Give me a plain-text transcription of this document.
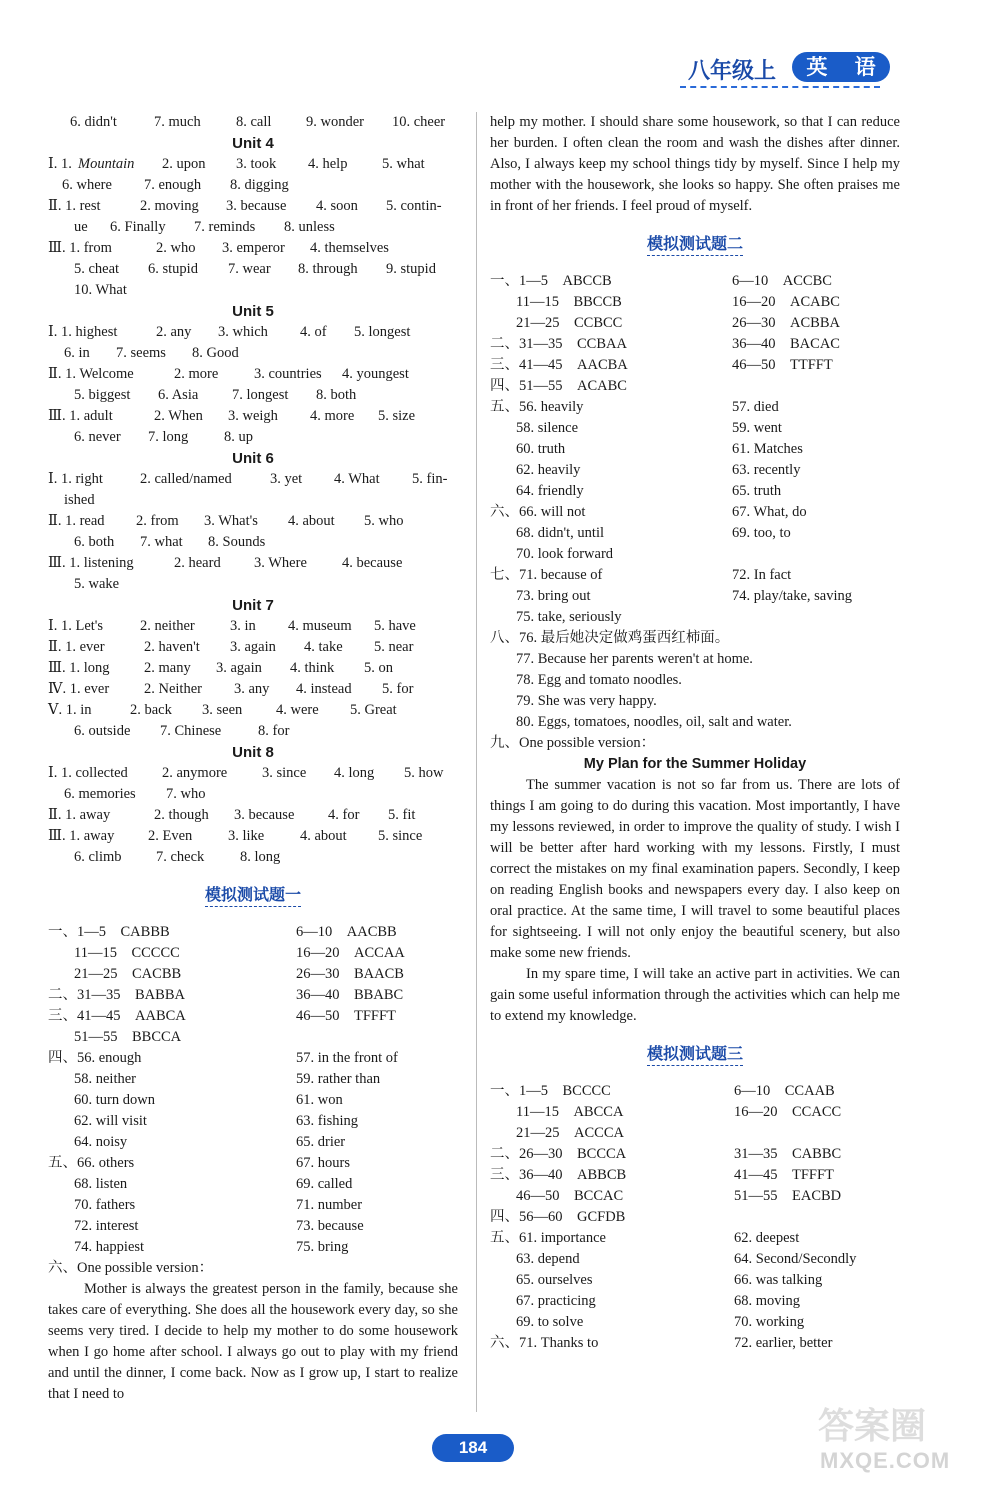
八年级上	英 语
6. didn't	7. much 8. call 9. wonder 10. cheer
Unit 4
Ⅰ. 1. Mountain 2. upon 3. took 4. help 5. what
6. where 7. enough 8. digging
Ⅱ. 1. rest	2. moving 3. because 4. soon 5. contin-
ue 6. Finally 7. reminds 8. unless
Ⅲ. 1. from	2. who 3. emperor 4. themselves
5. cheat 6. stupid 7. wear 8. through 9. stupid
10. What
Unit 5
Ⅰ. 1. highest	2. any 3. which 4. of 5. longest
6. in 7. seems 8. Good
Ⅱ. 1. Welcome	2. more 3. countries 4. youngest
5. biggest 6. Asia 7. longest 8. both
Ⅲ. 1. adult	2. When 3. weigh 4. more 5. size
6. never 7. long 8. up
Unit 6
Ⅰ. 1. right	2. called/named	3. yet 4. What 5. fin-
ished
Ⅱ. 1. read 2. from 3. What's 4. about 5. who
6. both 7. what 8. Sounds
Ⅲ. 1. listening	2. heard 3. Where 4. because
5. wake
Unit 7
Ⅰ. 1. Let's	2. neither 3. in 4. museum 5. have
Ⅱ. 1. ever	2. haven't 3. again 4. take 5. near
Ⅲ. 1. long 2. many 3. again 4. think 5. on
Ⅳ. 1. ever 2. Neither 3. any 4. instead 5. for
Ⅴ. 1. in	2. back 3. seen 4. were 5. Great
6. outside 7. Chinese	8. for
Unit 8
Ⅰ. 1. collected 2. anymore 3. since 4. long 5. how
6. memories 7. who
Ⅱ. 1. away	2. though 3. because 4. for 5. fit
Ⅲ. 1. away 2. Even 3. like 4. about 5. since
6. climb 7. check 8. long
模拟测试题一
一、1—5　CABBB	6—10　AACBB
11—15　CCCCC	16—20　ACCAA
21—25　CACBB	26—30　BAACB
二、31—35　BABBA	36—40　BBABC
三、41—45　AABCA	46—50　TFFFT
51—55　BBCCA
四、56. enough	57. in the front of
58. neither	59. rather than
60. turn down	61. won
62. will visit	63. fishing
64. noisy	65. drier
五、66. others	67. hours
68. listen	69. called
70. fathers	71. number
72. interest	73. because
74. happiest	75. bring
六、One possible version：

Mother is always the greatest person in the family, because she takes care of everything. She does all the housework every day, so she seems very tired. I decide to help my mother to do some housework when I go home after school. I always go out to play with my friend and until the dinner, I come back. Now as I grow up, I start to realize that I need to

help my mother. I should share some housework, so that I can reduce her burden. I often clean the room and wash the dishes after dinner. Also, I always keep my school things tidy by myself. Since I help my mother with the housework, she looks so happy. She often praises me in front of her friends. I feel proud of myself.

模拟测试题二
一、1—5　ABCCB	6—10　ACCBC
11—15　BBCCB	16—20　ACABC
21—25　CCBCC	26—30　ACBBA
二、31—35　CCBAA	36—40　BACAC
三、41—45　AACBA	46—50　TTFFT
四、51—55　ACABC
五、56. heavily	57. died
58. silence	59. went
60. truth	61. Matches
62. heavily	63. recently
64. friendly	65. truth
六、66. will not	67. What, do
68. didn't, until	69. too, to
70. look forward
七、71. because of	72. In fact
73. bring out	74. play/take, saving
75. take, seriously
八、76. 最后她决定做鸡蛋西红柿面。
77. Because her parents weren't at home.
78. Egg and tomato noodles.
79. She was very happy.
80. Eggs, tomatoes, noodles, oil, salt and water.
九、One possible version：
My Plan for the Summer Holiday

The summer vacation is not so far from us. There are lots of things I am going to do during this vacation. Most importantly, I have my lessons reviewed, in order to improve the quality of study. I wish I will be better after hard working with my lessons. Firstly, I must correct the mistakes on my final examination papers. Secondly, I keep on reading English books and newspapers every day. I also keep on oral practice. At the same time, I will travel to some beautiful places for sightseeing. I will not only enjoy the beautiful scenery, but also make some new friends.

In my spare time, I will take an active part in activities. We can gain some useful information through the activities which can help me to extend my knowledge.

模拟测试题三
一、1—5　BCCCC	6—10　CCAAB
11—15　ABCCA	16—20　CCACC
21—25　ACCCA
二、26—30　BCCCA	31—35　CABBC
三、36—40　ABBCB	41—45　TFFFT
46—50　BCCAC	51—55　EACBD
四、56—60　GCFDB
五、61. importance	62. deepest
63. depend	64. Second/Secondly
65. ourselves	66. was talking
67. practicing	68. moving
69. to solve	70. working
六、71. Thanks to	72. earlier, better
184
答案圈
MXQE.COM
